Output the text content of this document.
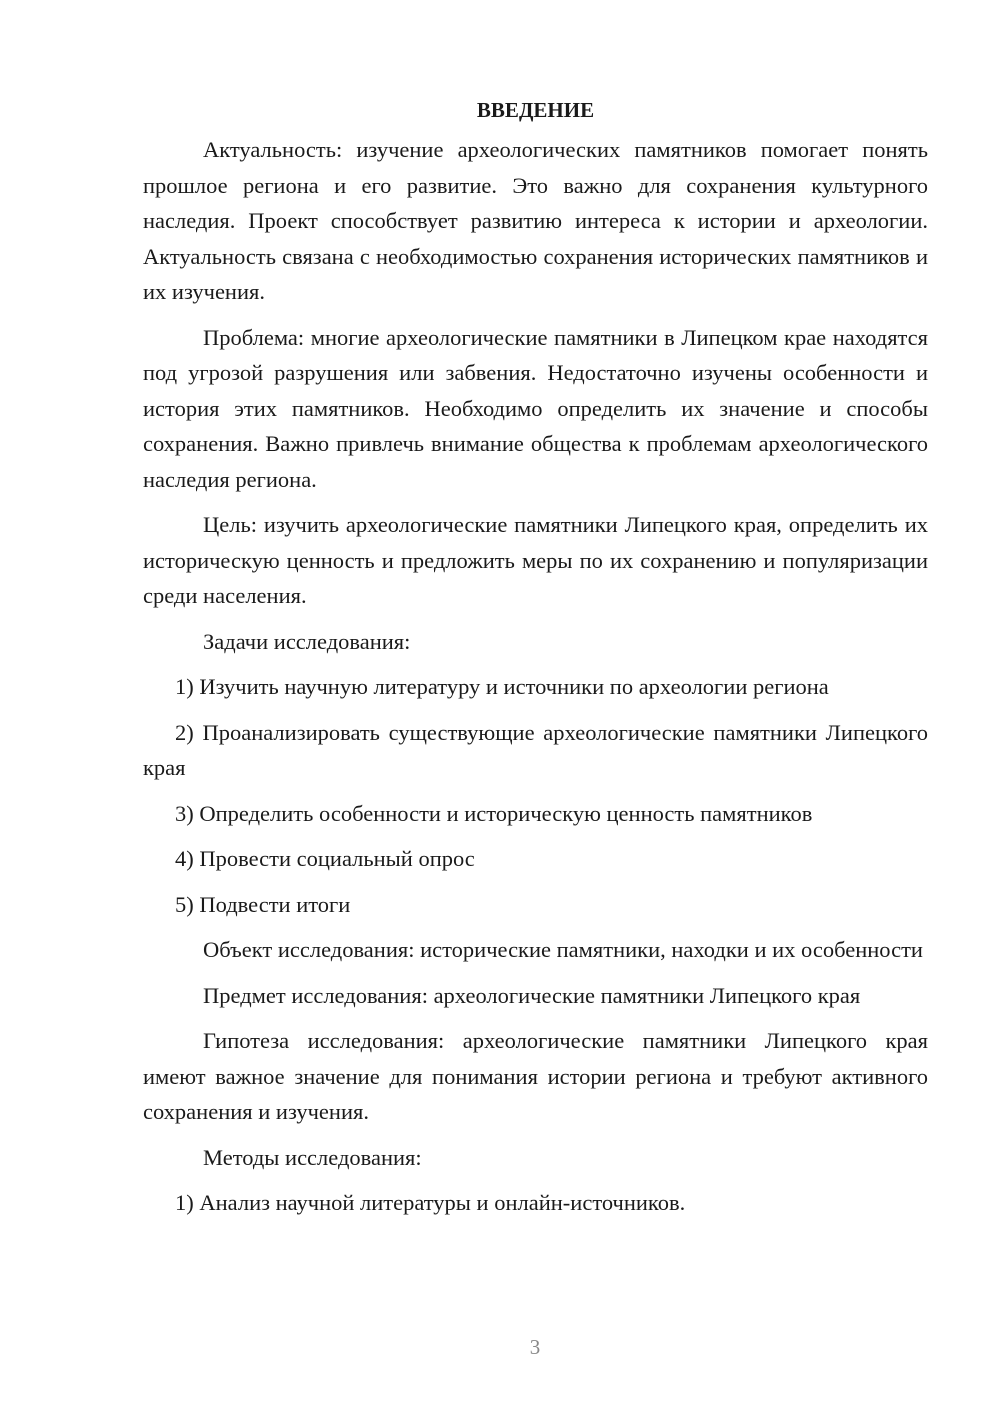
ВВЕДЕНИЕ

Актуальность: изучение археологических памятников помогает понять прошлое региона и его развитие. Это важно для сохранения культурного наследия. Проект способствует развитию интереса к истории и археологии. Актуальность связана с необходимостью сохранения исторических памятников и их изучения.

Проблема: многие археологические памятники в Липецком крае находятся под угрозой разрушения или забвения. Недостаточно изучены особенности и история этих памятников. Необходимо определить их значение и способы сохранения. Важно привлечь внимание общества к проблемам археологического наследия региона.

Цель: изучить археологические памятники Липецкого края, определить их историческую ценность и предложить меры по их сохранению и популяризации среди населения.

Задачи исследования:

1) Изучить научную литературу и источники по археологии региона

2) Проанализировать существующие археологические памятники Липецкого края

3) Определить особенности и историческую ценность памятников

4) Провести социальный опрос

5) Подвести итоги

Объект исследования: исторические памятники, находки и их особенности

Предмет исследования: археологические памятники Липецкого края

Гипотеза исследования: археологические памятники Липецкого края имеют важное значение для понимания истории региона и требуют активного сохранения и изучения.

Методы исследования:

1) Анализ научной литературы и онлайн-источников.

3
